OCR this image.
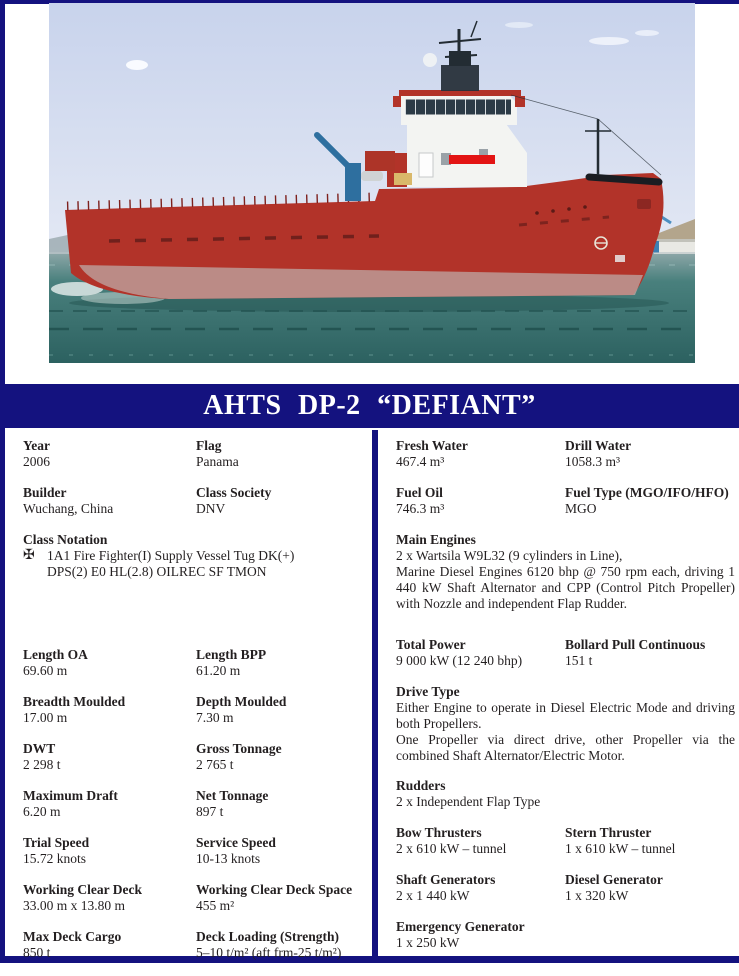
AHTS DP-2 “DEFIANT”
Year
2006
Flag
Panama
Builder
Wuchang, China
Class Society
DNV
Class Notation
✠ 1A1 Fire Fighter(I) Supply Vessel Tug DK(+)
DPS(2) E0 HL(2.8) OILREC SF TMON
Length OA
69.60 m
Length BPP
61.20 m
Breadth Moulded
17.00 m
Depth Moulded
7.30 m
DWT
2 298 t
Gross Tonnage
2 765 t
Maximum Draft
6.20 m
Net Tonnage
897 t
Trial Speed
15.72 knots
Service Speed
10-13 knots
Working Clear Deck
33.00 m x 13.80 m
Working Clear Deck Space
455 m²
Max Deck Cargo
850 t
Deck Loading (Strength)
5–10 t/m² (aft frm-25 t/m²)
Fresh Water
467.4 m³
Drill Water
1058.3 m³
Fuel Oil
746.3 m³
Fuel Type (MGO/IFO/HFO)
MGO
Main Engines
2 x Wartsila W9L32 (9 cylinders in Line),

Marine Diesel Engines 6120 bhp @ 750 rpm each, driving 1 440 kW Shaft Alternator and CPP (Control Pitch Propeller) with Nozzle and independent Flap Rudder.

Total Power
9 000 kW (12 240 bhp)
Bollard Pull Continuous
151 t
Drive Type

Either Engine to operate in Diesel Electric Mode and driving both Propellers.

One Propeller via direct drive, other Propeller via the combined Shaft Alternator/Electric Motor.

Rudders
2 x Independent Flap Type
Bow Thrusters
2 x 610 kW – tunnel
Stern Thruster
1 x 610 kW – tunnel
Shaft Generators
2 x 1 440 kW
Diesel Generator
1 x 320 kW
Emergency Generator
1 x 250 kW
